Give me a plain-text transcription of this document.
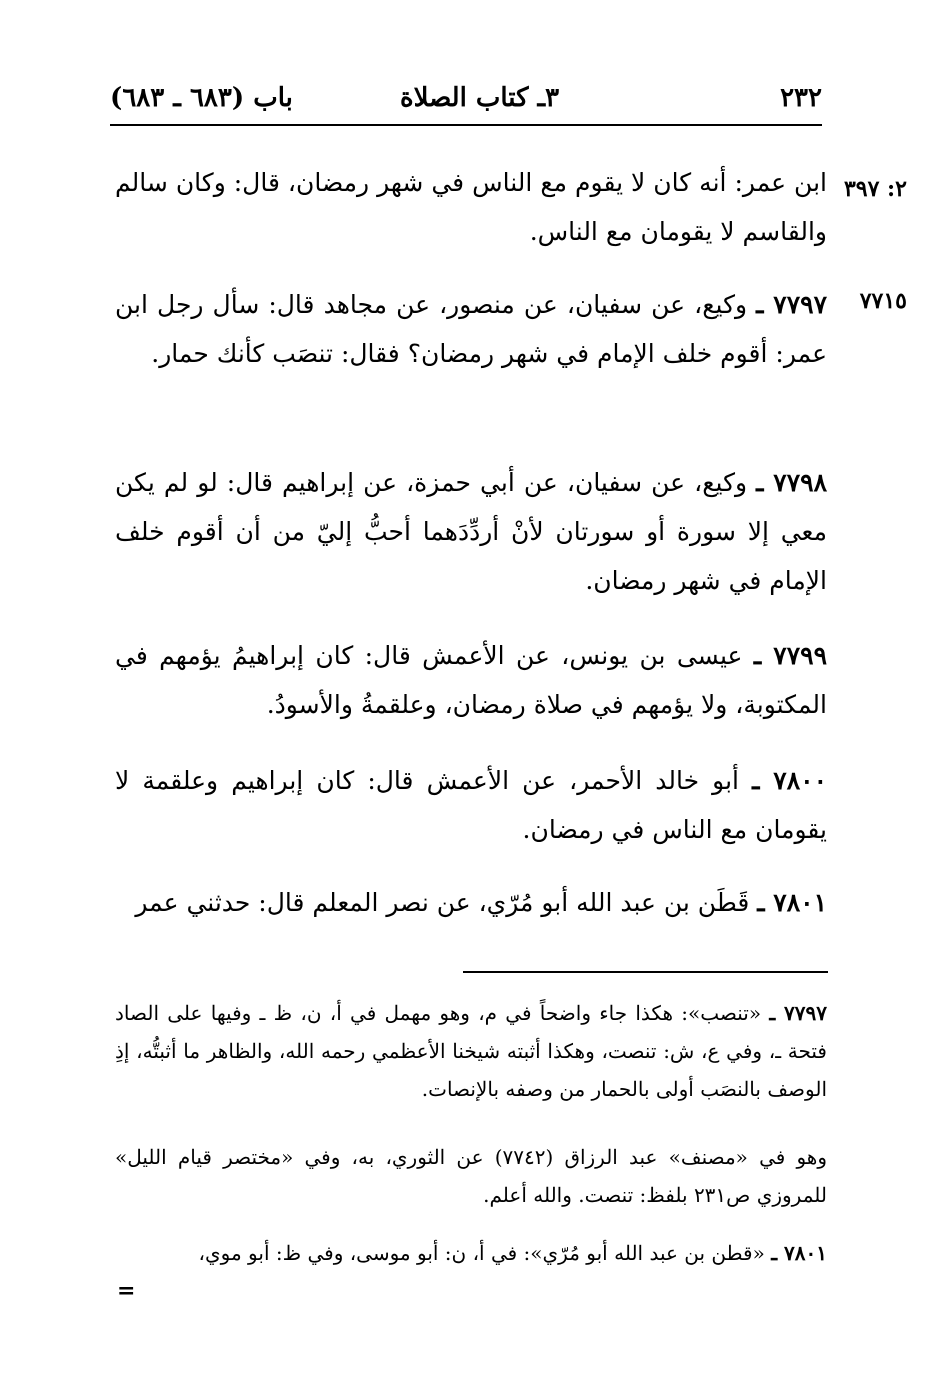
٢٣٢
٣ـ كتاب الصلاة
باب (٦٨٣ ـ ٦٨٣)
٢: ٣٩٧

ابن عمر: أنه كان لا يقوم مع الناس في شهر رمضان، قال: وكان سالم والقاسم لا يقومان مع الناس.

٧٧١٥

٧٧٩٧ ـ وكيع، عن سفيان، عن منصور، عن مجاهد قال: سأل رجل ابن عمر: أقوم خلف الإمام في شهر رمضان؟ فقال: تنصَب كأنك حمار.

٧٧٩٨ ـ وكيع، عن سفيان، عن أبي حمزة، عن إبراهيم قال: لو لم يكن معي إلا سورة أو سورتان لأنْ أردِّدَهما أحبُّ إليّ من أن أقوم خلف الإمام في شهر رمضان.

٧٧٩٩ ـ عيسى بن يونس، عن الأعمش قال: كان إبراهيمُ يؤمهم في المكتوبة، ولا يؤمهم في صلاة رمضان، وعلقمةُ والأسودُ.

٧٨٠٠ ـ أبو خالد الأحمر، عن الأعمش قال: كان إبراهيم وعلقمة لا يقومان مع الناس في رمضان.

٧٨٠١ ـ قَطَن بن عبد الله أبو مُرّي، عن نصر المعلم قال: حدثني عمر

٧٧٩٧ ـ «تنصب»: هكذا جاء واضحاً في م، وهو مهمل في أ، ن، ظ ـ وفيها على الصاد فتحة ـ، وفي ع، ش: تنصت، وهكذا أثبته شيخنا الأعظمي رحمه الله، والظاهر ما أثبتُّه، إذِ الوصف بالنصَب أولى بالحمار من وصفه بالإنصات.

وهو في «مصنف» عبد الرزاق (٧٧٤٢) عن الثوري، به، وفي «مختصر قيام الليل» للمروزي ص٢٣١ بلفظ: تنصت. والله أعلم.

٧٨٠١ ـ «قطن بن عبد الله أبو مُرّي»: في أ، ن: أبو موسى، وفي ظ: أبو موي،

=
